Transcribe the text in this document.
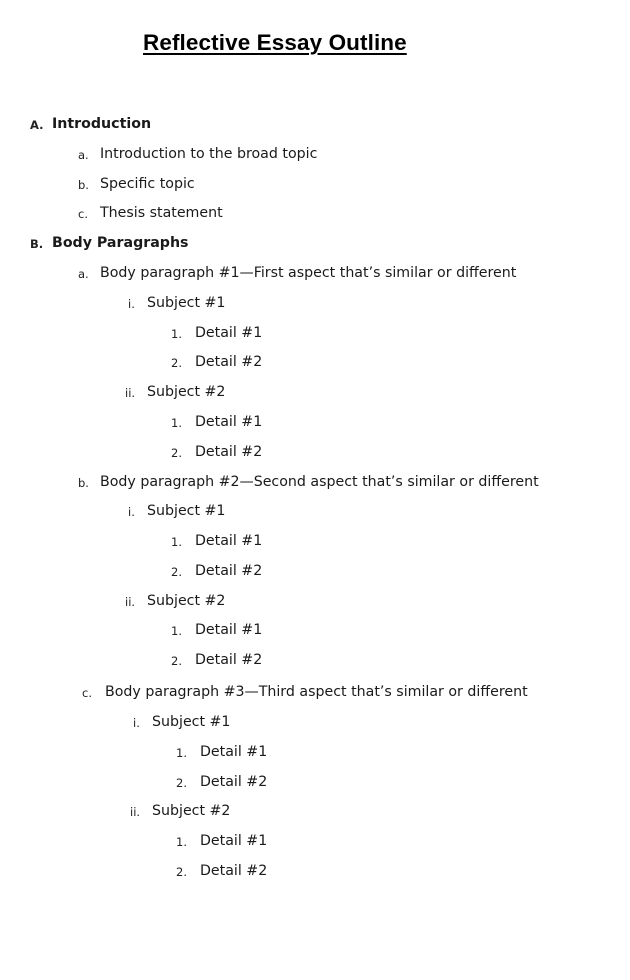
Reflective Essay Outline
A. Introduction
a. Introduction to the broad topic
b. Specific topic
c. Thesis statement
B. Body Paragraphs
a. Body paragraph #1—First aspect that’s similar or different
i. Subject #1
1. Detail #1
2. Detail #2
ii. Subject #2
1. Detail #1
2. Detail #2
b. Body paragraph #2—Second aspect that’s similar or different
i. Subject #1
1. Detail #1
2. Detail #2
ii. Subject #2
1. Detail #1
2. Detail #2
c. Body paragraph #3—Third aspect that’s similar or different
i. Subject #1
1. Detail #1
2. Detail #2
ii. Subject #2
1. Detail #1
2. Detail #2
